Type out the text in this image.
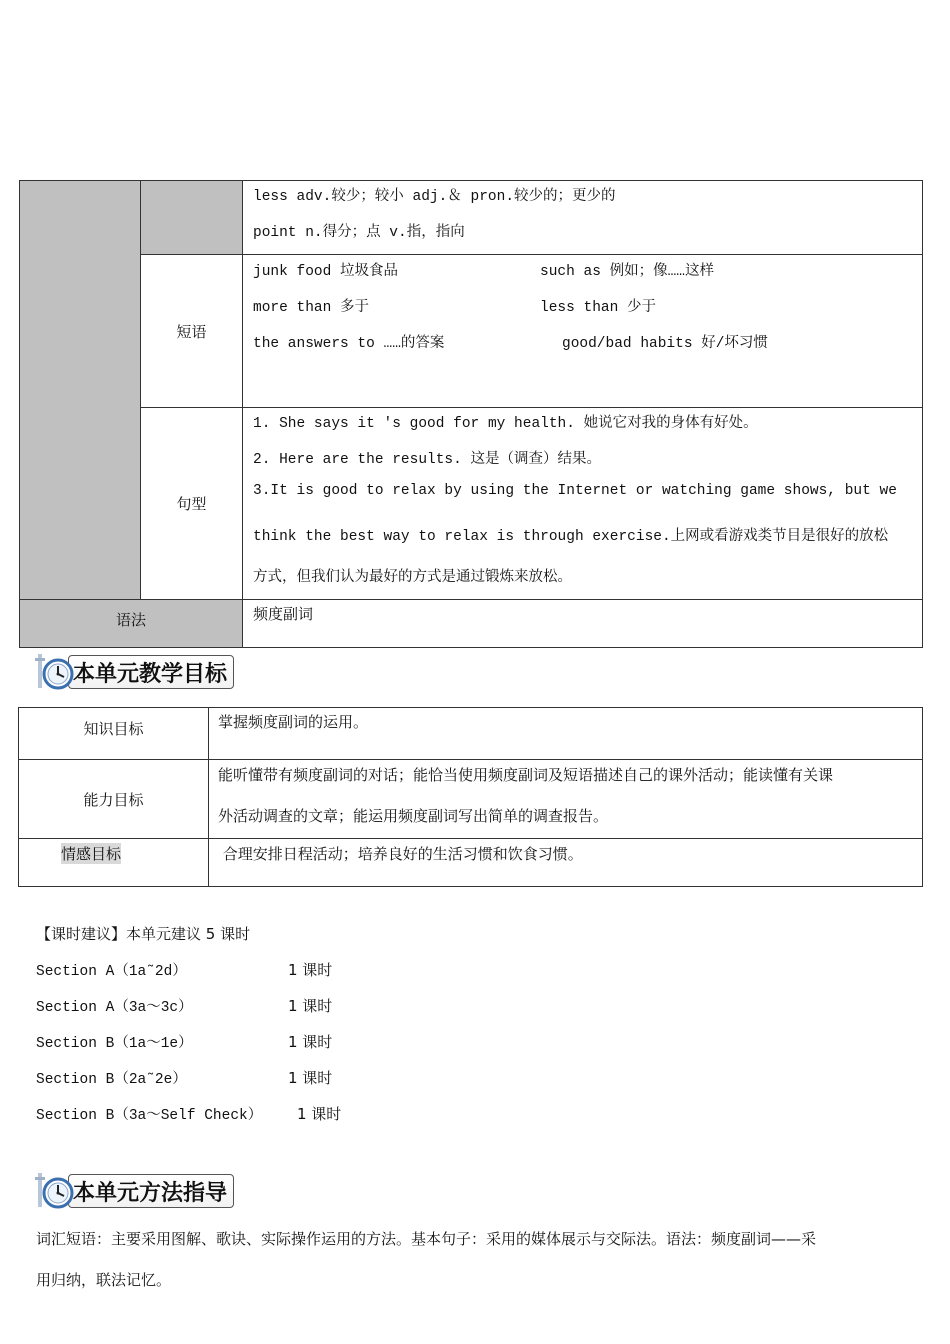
less adv.较少；较小 adj.＆ pron.较少的；更少的
point n.得分；点 v.指，指向
短语
junk food 垃圾食品	such as 例如；像……这样
more than 多于	less than 少于
the answers to ……的答案	good/bad habits 好/坏习惯
句型
1. She says it 's good for my health. 她说它对我的身体有好处。
2. Here are the results. 这是（调查）结果。
3.It is good to relax by using the Internet or watching game shows, but we
think the best way to relax is through exercise.上网或看游戏类节目是很好的放松
方式，但我们认为最好的方式是通过锻炼来放松。
语法	频度副词
本单元教学目标
知识目标	掌握频度副词的运用。
能力目标
能听懂带有频度副词的对话；能恰当使用频度副词及短语描述自己的课外活动；能读懂有关课
外活动调查的文章；能运用频度副词写出简单的调查报告。
情感目标	合理安排日程活动；培养良好的生活习惯和饮食习惯。
【课时建议】本单元建议 5 课时
Section A（1a˜2d）	1 课时
Section A（3a～3c）	1 课时
Section B（1a～1e）	1 课时
Section B（2a˜2e）	1 课时
Section B（3a～Self Check） 1 课时
本单元方法指导
词汇短语：主要采用图解、歌诀、实际操作运用的方法。基本句子：采用的媒体展示与交际法。语法：频度副词——采
用归纳，联法记忆。
